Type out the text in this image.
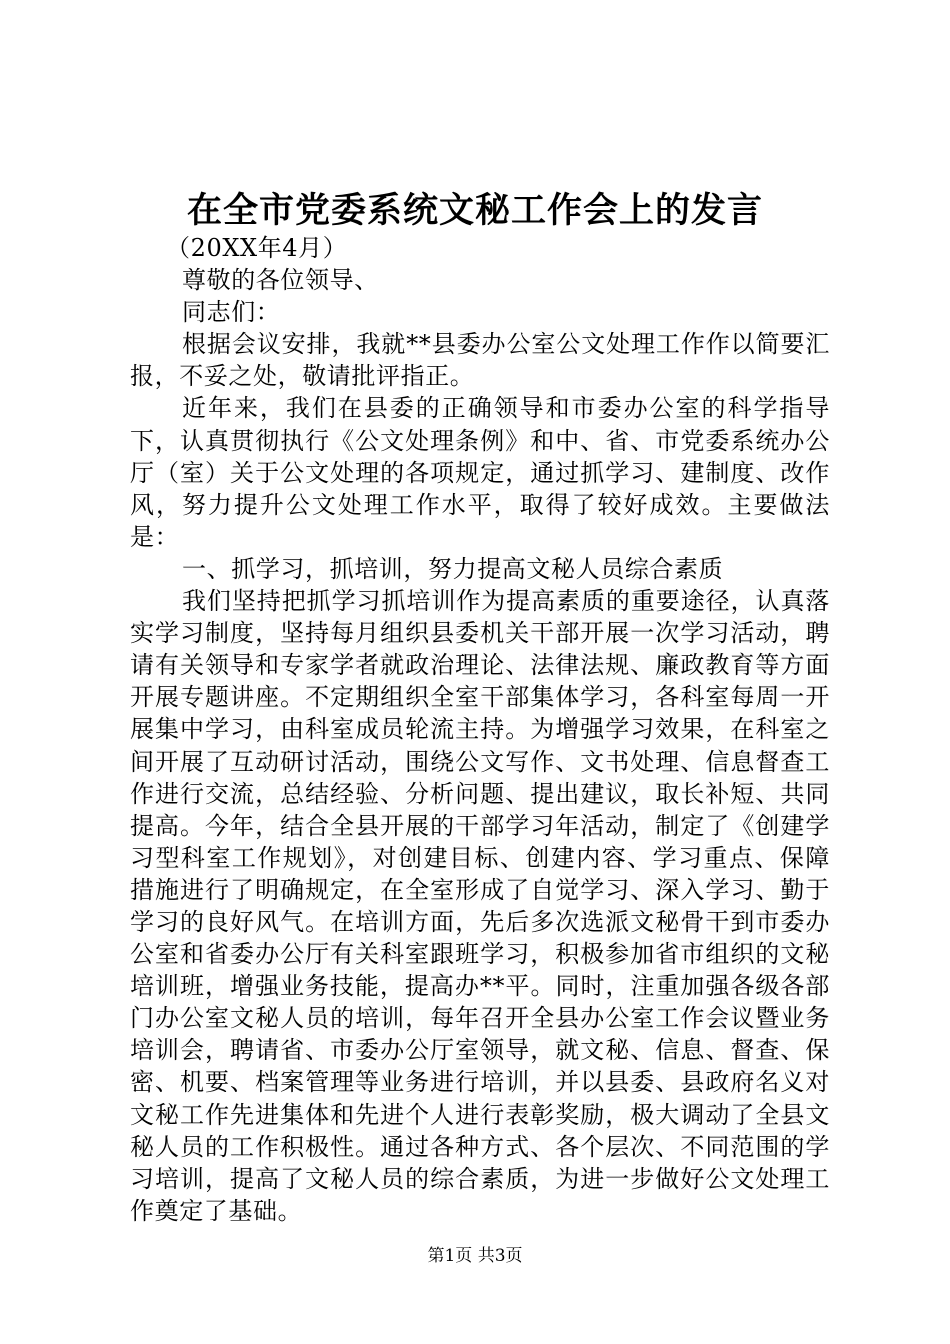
在全市党委系统文秘工作会上的发言

（20XX年4月）

尊敬的各位领导、

同志们：

根据会议安排，我就**县委办公室公文处理工作作以简要汇报，不妥之处，敬请批评指正。

近年来，我们在县委的正确领导和市委办公室的科学指导下，认真贯彻执行《公文处理条例》和中、省、市党委系统办公厅（室）关于公文处理的各项规定，通过抓学习、建制度、改作风，努力提升公文处理工作水平，取得了较好成效。主要做法是：

一、抓学习，抓培训，努力提高文秘人员综合素质

我们坚持把抓学习抓培训作为提高素质的重要途径，认真落实学习制度，坚持每月组织县委机关干部开展一次学习活动，聘请有关领导和专家学者就政治理论、法律法规、廉政教育等方面开展专题讲座。不定期组织全室干部集体学习，各科室每周一开展集中学习，由科室成员轮流主持。为增强学习效果，在科室之间开展了互动研讨活动，围绕公文写作、文书处理、信息督查工作进行交流，总结经验、分析问题、提出建议，取长补短、共同提高。今年，结合全县开展的干部学习年活动，制定了《创建学习型科室工作规划》，对创建目标、创建内容、学习重点、保障措施进行了明确规定，在全室形成了自觉学习、深入学习、勤于学习的良好风气。在培训方面，先后多次选派文秘骨干到市委办公室和省委办公厅有关科室跟班学习，积极参加省市组织的文秘培训班，增强业务技能，提高办**平。同时，注重加强各级各部门办公室文秘人员的培训，每年召开全县办公室工作会议暨业务培训会，聘请省、市委办公厅室领导，就文秘、信息、督查、保密、机要、档案管理等业务进行培训，并以县委、县政府名义对文秘工作先进集体和先进个人进行表彰奖励，极大调动了全县文秘人员的工作积极性。通过各种方式、各个层次、不同范围的学习培训，提高了文秘人员的综合素质，为进一步做好公文处理工作奠定了基础。

第1页 共3页
